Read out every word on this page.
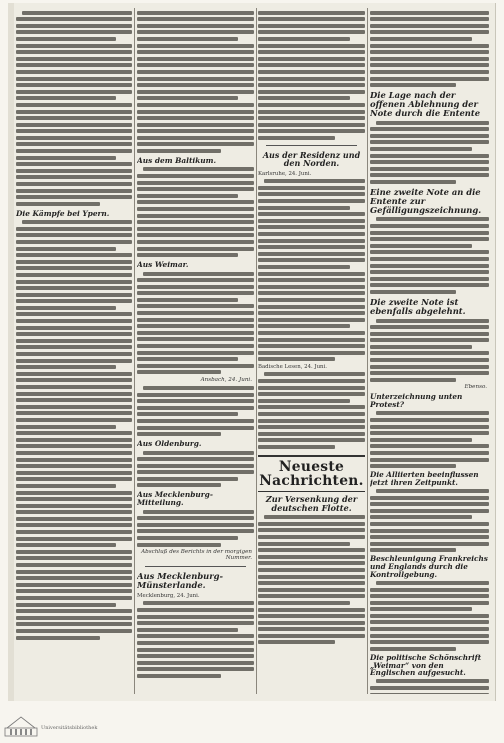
Die Kämpfe bei Ypern.
Aus dem Baltikum.
Aus Weimar.
Ansbach, 24. Juni.
Aus Oldenburg.
Aus Mecklenburg-Mitteilung.
Abschluß des Berichts in der morgigen Nummer.
Aus Mecklenburg-Münsterlande.
Mecklenburg, 24. Juni.
Aus der Residenz und den Norden.
Karlsruhe, 24. Juni.
Badische Lesen, 24. Juni.
Neueste Nachrichten.
Zur Versenkung der deutschen Flotte.
Die Lage nach der offenen Ablehnung der Note durch die Entente
Eine zweite Note an die Entente zur Gefälligungszeichnung.
Die zweite Note ist ebenfalls abgelehnt.
Ebenso.
Unterzeichnung unten Protest?
Die Alliierten beeinflussen jetzt ihren Zeitpunkt.
Beschleunigung Frankreichs und Englands durch die Kontrollgebung.
Die politische Schönschrift „Weimar“ von den Englischen aufgesucht.
Universitätsbibliothek
